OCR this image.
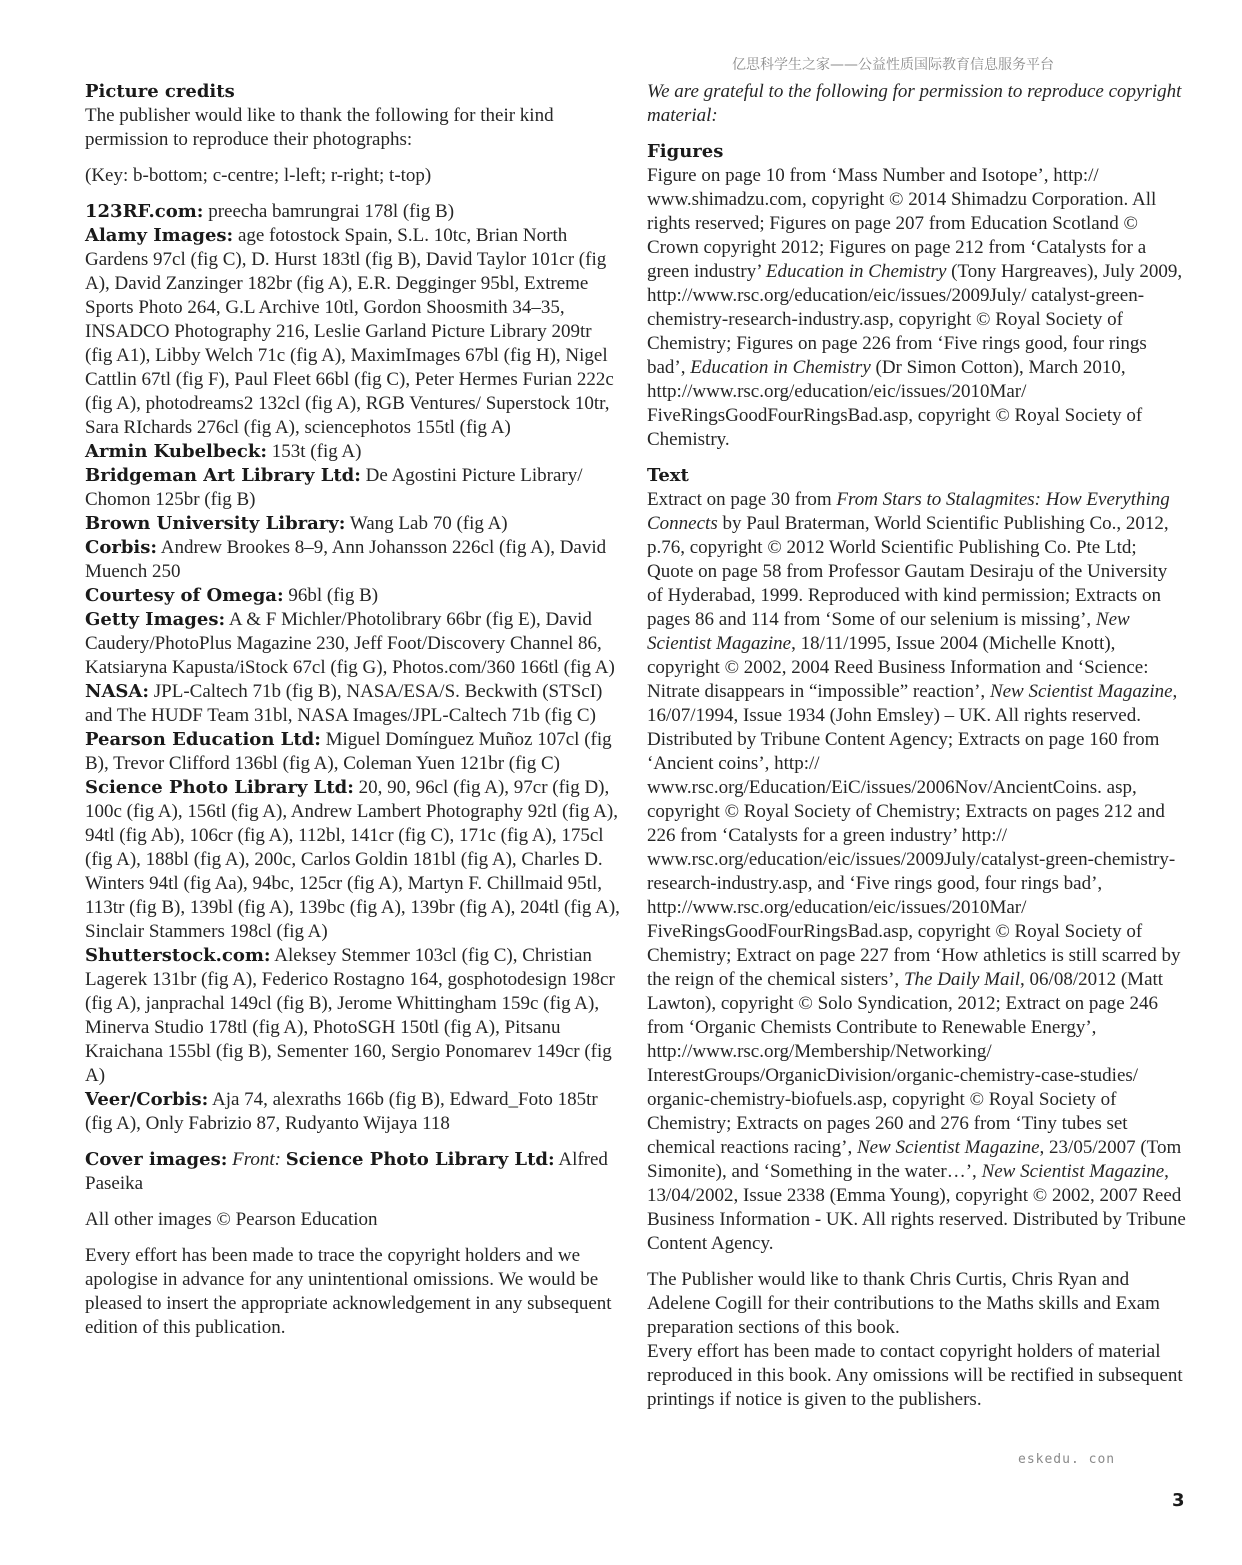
亿思科学生之家——公益性质国际教育信息服务平台
Picture credits

The publisher would like to thank the following for their kind permission to reproduce their photographs:

(Key: b-bottom; c-centre; l-left; r-right; t-top)

123RF.com: preecha bamrungrai 178l (fig B)

Alamy Images: age fotostock Spain, S.L. 10tc, Brian North Gardens 97cl (fig C), D. Hurst 183tl (fig B), David Taylor 101cr (fig A), David Zanzinger 182br (fig A), E.R. Degginger 95bl, Extreme Sports Photo 264, G.L Archive 10tl, Gordon Shoosmith 34–35, INSADCO Photography 216, Leslie Garland Picture Library 209tr (fig A1), Libby Welch 71c (fig A), MaximImages 67bl (fig H), Nigel Cattlin 67tl (fig F), Paul Fleet 66bl (fig C), Peter Hermes Furian 222c (fig A), photodreams2 132cl (fig A), RGB Ventures/ Superstock 10tr, Sara RIchards 276cl (fig A), sciencephotos 155tl (fig A)

Armin Kubelbeck: 153t (fig A)

Bridgeman Art Library Ltd: De Agostini Picture Library/ Chomon 125br (fig B)

Brown University Library: Wang Lab 70 (fig A)

Corbis: Andrew Brookes 8–9, Ann Johansson 226cl (fig A), David Muench 250

Courtesy of Omega: 96bl (fig B)

Getty Images: A & F Michler/Photolibrary 66br (fig E), David Caudery/PhotoPlus Magazine 230, Jeff Foot/Discovery Channel 86, Katsiaryna Kapusta/iStock 67cl (fig G), Photos.com/360 166tl (fig A)

NASA: JPL-Caltech 71b (fig B), NASA/ESA/S. Beckwith (STScI) and The HUDF Team 31bl, NASA Images/JPL-Caltech 71b (fig C)

Pearson Education Ltd: Miguel Domínguez Muñoz 107cl (fig B), Trevor Clifford 136bl (fig A), Coleman Yuen 121br (fig C)

Science Photo Library Ltd: 20, 90, 96cl (fig A), 97cr (fig D), 100c (fig A), 156tl (fig A), Andrew Lambert Photography 92tl (fig A), 94tl (fig Ab), 106cr (fig A), 112bl, 141cr (fig C), 171c (fig A), 175cl (fig A), 188bl (fig A), 200c, Carlos Goldin 181bl (fig A), Charles D. Winters 94tl (fig Aa), 94bc, 125cr (fig A), Martyn F. Chillmaid 95tl, 113tr (fig B), 139bl (fig A), 139bc (fig A), 139br (fig A), 204tl (fig A), Sinclair Stammers 198cl (fig A)

Shutterstock.com: Aleksey Stemmer 103cl (fig C), Christian Lagerek 131br (fig A), Federico Rostagno 164, gosphotodesign 198cr (fig A), janprachal 149cl (fig B), Jerome Whittingham 159c (fig A), Minerva Studio 178tl (fig A), PhotoSGH 150tl (fig A), Pitsanu Kraichana 155bl (fig B), Sementer 160, Sergio Ponomarev 149cr (fig A)

Veer/Corbis: Aja 74, alexraths 166b (fig B), Edward_Foto 185tr (fig A), Only Fabrizio 87, Rudyanto Wijaya 118

Cover images: Front: Science Photo Library Ltd: Alfred Paseika

All other images © Pearson Education

Every effort has been made to trace the copyright holders and we apologise in advance for any unintentional omissions. We would be pleased to insert the appropriate acknowledgement in any subsequent edition of this publication.

We are grateful to the following for permission to reproduce copyright material:

Figures

Figure on page 10 from ‘Mass Number and Isotope’, http:// www.shimadzu.com, copyright © 2014 Shimadzu Corporation. All rights reserved; Figures on page 207 from Education Scotland © Crown copyright 2012; Figures on page 212 from ‘Catalysts for a green industry’ Education in Chemistry (Tony Hargreaves), July 2009, http://www.rsc.org/education/eic/issues/2009July/ catalyst-green-chemistry-research-industry.asp, copyright © Royal Society of Chemistry; Figures on page 226 from ‘Five rings good, four rings bad’, Education in Chemistry (Dr Simon Cotton), March 2010, http://www.rsc.org/education/eic/issues/2010Mar/ FiveRingsGoodFourRingsBad.asp, copyright © Royal Society of Chemistry.

Text

Extract on page 30 from From Stars to Stalagmites: How Everything Connects by Paul Braterman, World Scientific Publishing Co., 2012, p.76, copyright © 2012 World Scientific Publishing Co. Pte Ltd; Quote on page 58 from Professor Gautam Desiraju of the University of Hyderabad, 1999. Reproduced with kind permission; Extracts on pages 86 and 114 from ‘Some of our selenium is missing’, New Scientist Magazine, 18/11/1995, Issue 2004 (Michelle Knott), copyright © 2002, 2004 Reed Business Information and ‘Science: Nitrate disappears in “impossible” reaction’, New Scientist Magazine, 16/07/1994, Issue 1934 (John Emsley) – UK. All rights reserved. Distributed by Tribune Content Agency; Extracts on page 160 from ‘Ancient coins’, http:// www.rsc.org/Education/EiC/issues/2006Nov/AncientCoins. asp, copyright © Royal Society of Chemistry; Extracts on pages 212 and 226 from ‘Catalysts for a green industry’ http:// www.rsc.org/education/eic/issues/2009July/catalyst-green-chemistry-research-industry.asp, and ‘Five rings good, four rings bad’, http://www.rsc.org/education/eic/issues/2010Mar/ FiveRingsGoodFourRingsBad.asp, copyright © Royal Society of Chemistry; Extract on page 227 from ‘How athletics is still scarred by the reign of the chemical sisters’, The Daily Mail, 06/08/2012 (Matt Lawton), copyright © Solo Syndication, 2012; Extract on page 246 from ‘Organic Chemists Contribute to Renewable Energy’, http://www.rsc.org/Membership/Networking/ InterestGroups/OrganicDivision/organic-chemistry-case-studies/ organic-chemistry-biofuels.asp, copyright © Royal Society of Chemistry; Extracts on pages 260 and 276 from ‘Tiny tubes set chemical reactions racing’, New Scientist Magazine, 23/05/2007 (Tom Simonite), and ‘Something in the water…’, New Scientist Magazine, 13/04/2002, Issue 2338 (Emma Young), copyright © 2002, 2007 Reed Business Information - UK. All rights reserved. Distributed by Tribune Content Agency.

The Publisher would like to thank Chris Curtis, Chris Ryan and Adelene Cogill for their contributions to the Maths skills and Exam preparation sections of this book.

Every effort has been made to contact copyright holders of material reproduced in this book. Any omissions will be rectified in subsequent printings if notice is given to the publishers.

eskedu. con
3
